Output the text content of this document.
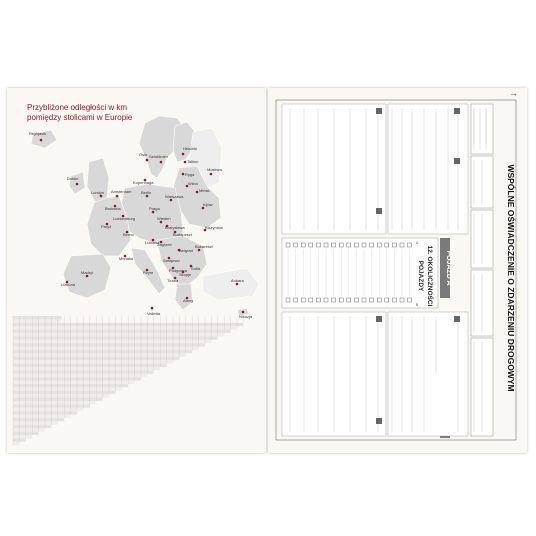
Przybliżone odległości w km
pomiędzy stolicami w Europie
Reykjavik
Helsinki
Sztokholm
Oslo
Tallinn
Ryga
Kopenhaga	Wilno
Mińsk
Dublin
Berlin
Moskwa
Warszawa
Londyn Amsterdam
Bruksela
Kijów
Praga
Luksemburg
Paryż
Berno
Wiedeń
Bratysława
Budapeszt
Kiszyniów
Lublana
Zagrzeb	Bukareszt
Belgrad
Sarajewo
Podgorica
Madryt
Lizbona
Monako
Rzym
Sofia
Skopje
Tirana	Ankara
Ateny
Valletta
Nikozja
→
WSPÓLNE OŚWIADCZENIE O ZDARZENIU DROGOWYM
POJAZD A
12. OKOLICZNOŚCI
POJAZDY
A
B
